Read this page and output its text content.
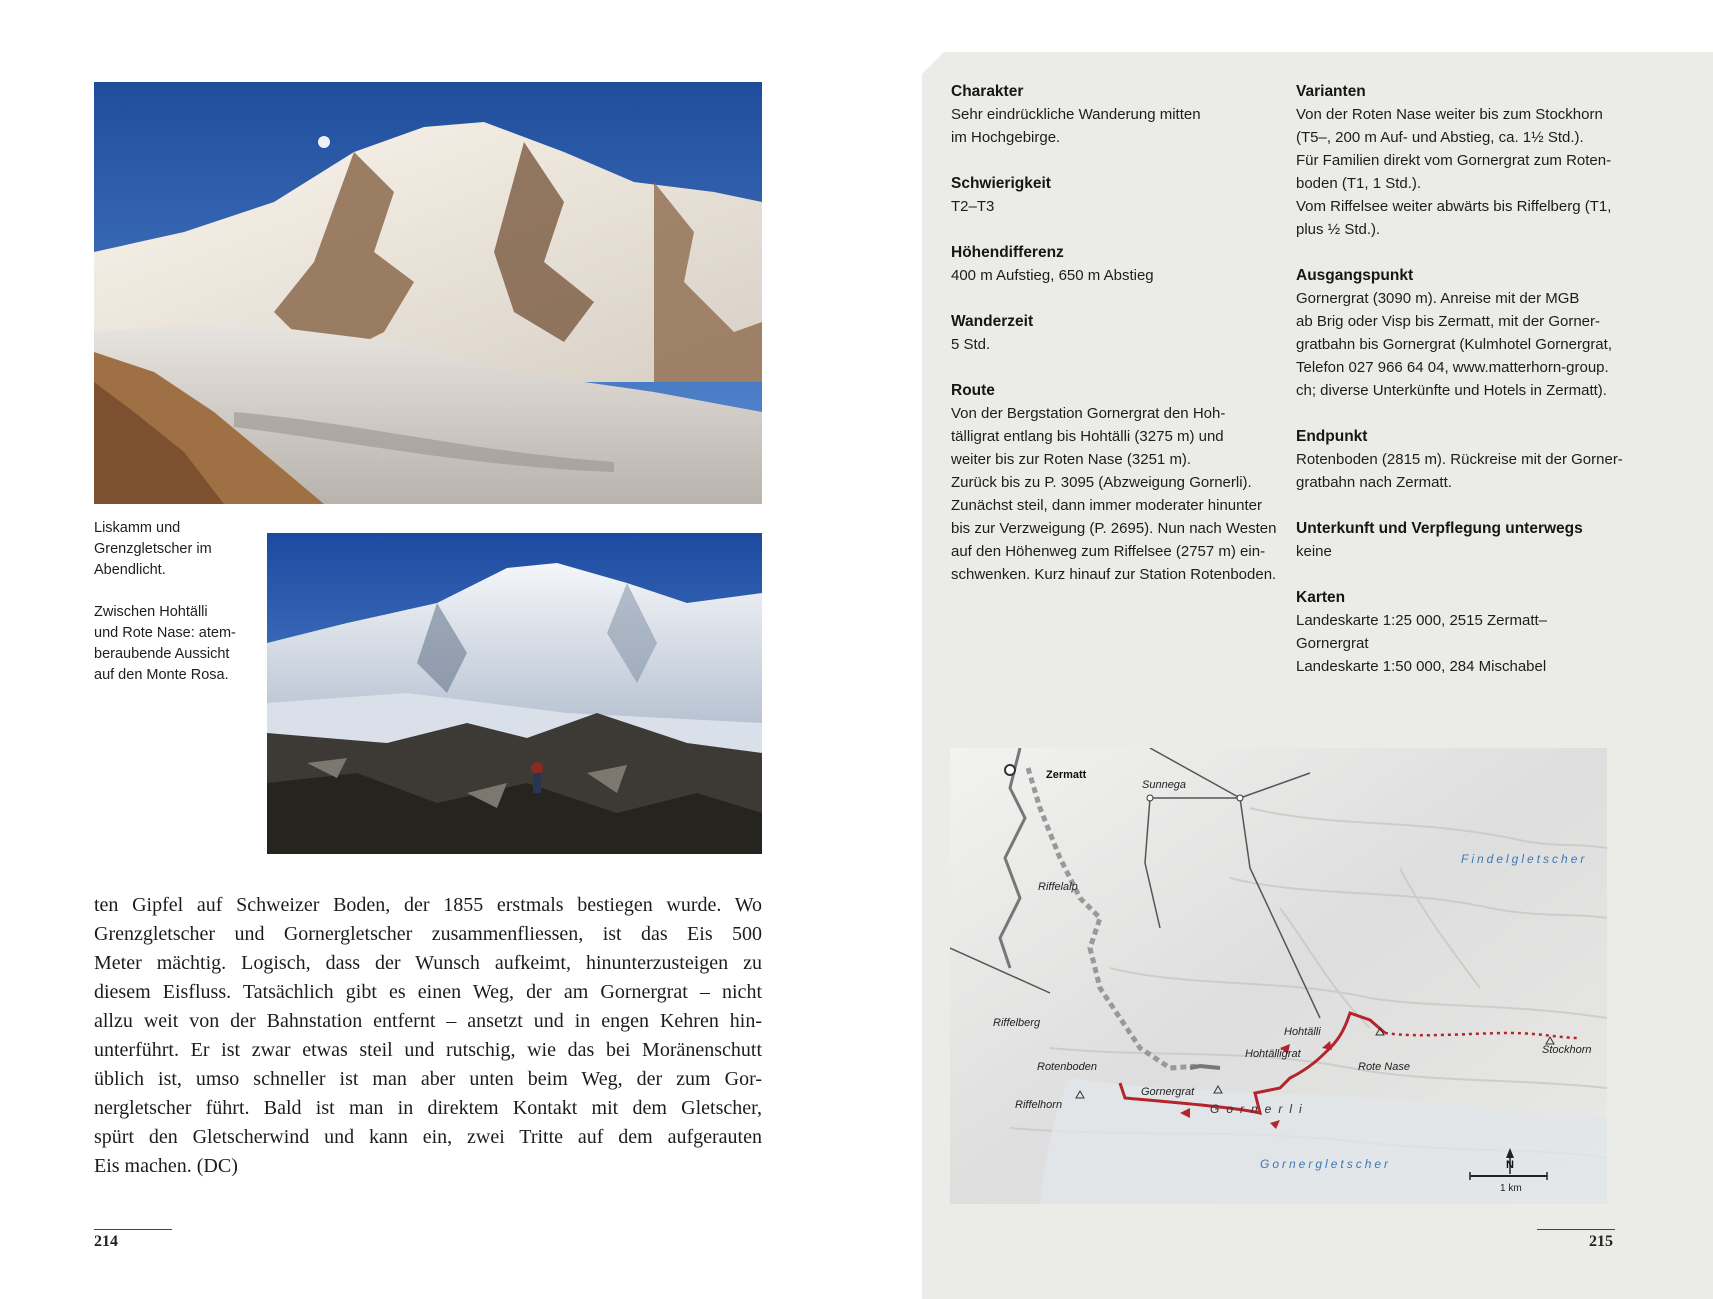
Liskamm und
Grenzgletscher im
Abendlicht.
Zwischen Hohtälli
und Rote Nase: atem-
beraubende Aussicht
auf den Monte Rosa.
ten Gipfel auf Schweizer Boden, der 1855 erstmals bestiegen wurde. Wo
Grenzgletscher und Gornergletscher zusammenfliessen, ist das Eis 500
Meter mächtig. Logisch, dass der Wunsch aufkeimt, hinunterzusteigen zu
diesem Eisfluss. Tatsächlich gibt es einen Weg, der am Gornergrat – nicht
allzu weit von der Bahnstation entfernt – ansetzt und in engen Kehren hin-
unterführt. Er ist zwar etwas steil und rutschig, wie das bei Moränenschutt
üblich ist, umso schneller ist man aber unten beim Weg, der zum Gor-
nergletscher führt. Bald ist man in direktem Kontakt mit dem Gletscher,
spürt den Gletscherwind und kann ein, zwei Tritte auf dem aufgerauten
Eis machen. (DC)
214
Charakter
Sehr eindrückliche Wanderung mitten
im Hochgebirge.
Schwierigkeit
T2–T3
Höhendifferenz
400 m Aufstieg, 650 m Abstieg
Wanderzeit
5 Std.
Route
Von der Bergstation Gornergrat den Hoh-
tälligrat entlang bis Hohtälli (3275 m) und
weiter bis zur Roten Nase (3251 m).
Zurück bis zu P. 3095 (Abzweigung Gornerli).
Zunächst steil, dann immer moderater hinunter
bis zur Verzweigung (P. 2695). Nun nach Westen
auf den Höhenweg zum Riffelsee (2757 m) ein-
schwenken. Kurz hinauf zur Station Rotenboden.
Varianten
Von der Roten Nase weiter bis zum Stockhorn
(T5–, 200 m Auf- und Abstieg, ca. 1½ Std.).
Für Familien direkt vom Gornergrat zum Roten-
boden (T1, 1 Std.).
Vom Riffelsee weiter abwärts bis Riffelberg (T1,
plus ½ Std.).
Ausgangspunkt
Gornergrat (3090 m). Anreise mit der MGB
ab Brig oder Visp bis Zermatt, mit der Gorner-
gratbahn bis Gornergrat (Kulmhotel Gornergrat,
Telefon 027 966 64 04, www.matterhorn-group.
ch; diverse Unterkünfte und Hotels in Zermatt).
Endpunkt
Rotenboden (2815 m). Rückreise mit der Gorner-
gratbahn nach Zermatt.
Unterkunft und Verpflegung unterwegs
keine
Karten
Landeskarte 1:25 000, 2515 Zermatt–
Gornergrat
Landeskarte 1:50 000, 284 Mischabel
Zermatt
Sunnega
Findelgletscher
Riffelalp
Riffelberg
Rotenboden
Riffelhorn
Gornergrat
Hohtälli
Hohtälligrat
Rote Nase
Stockhorn
Gornerli
Gornergletscher	N
1 km
215
